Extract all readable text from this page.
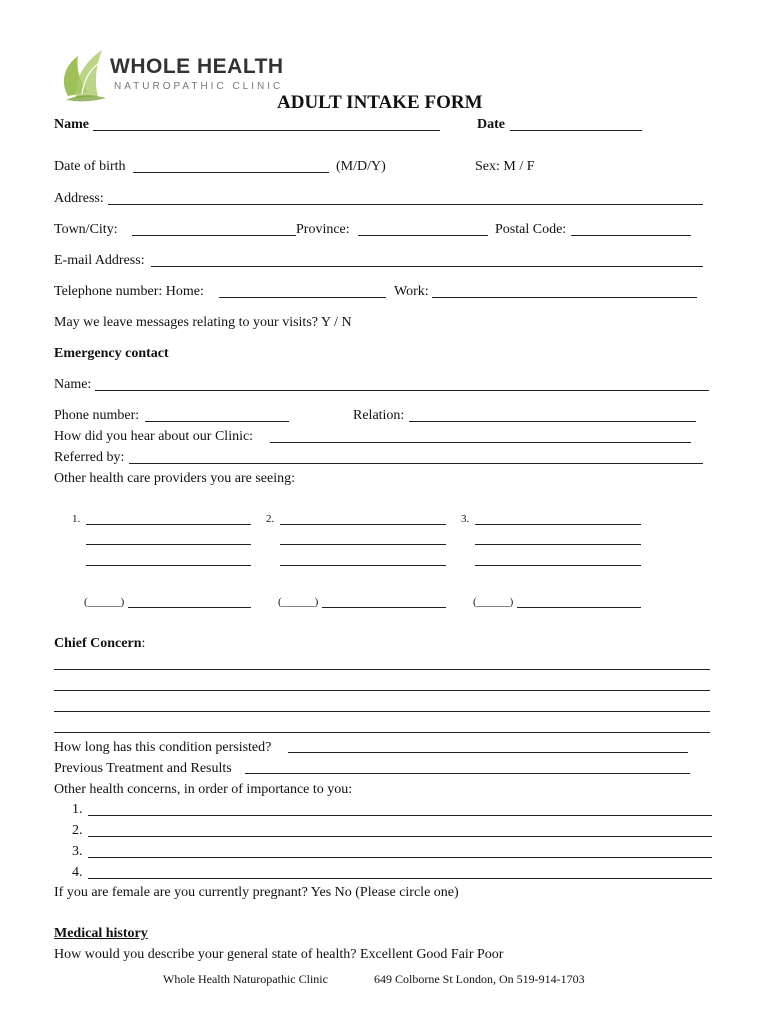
WHOLE HEALTH
NATUROPATHIC CLINIC
ADULT INTAKE FORM
Name	Date
Date of birth	(M/D/Y)	Sex: M / F
Address:
Town/City:	Province:	Postal Code:
E-mail Address:
Telephone number: Home:	Work:
May we leave messages relating to your visits? Y / N
Emergency contact
Name:
Phone number:	Relation:
How did you hear about our Clinic:
Referred by:
Other health care providers you are seeing:
1.
(______)
2.
(______)
3.
(______)
Chief Concern:
How long has this condition persisted?
Previous Treatment and Results
Other health concerns, in order of importance to you:
1.
2.
3.
4.
If you are female are you currently pregnant? Yes No (Please circle one)
Medical history
How would you describe your general state of health? Excellent Good Fair Poor
Whole Health Naturopathic Clinic	649 Colborne St London, On 519-914-1703
